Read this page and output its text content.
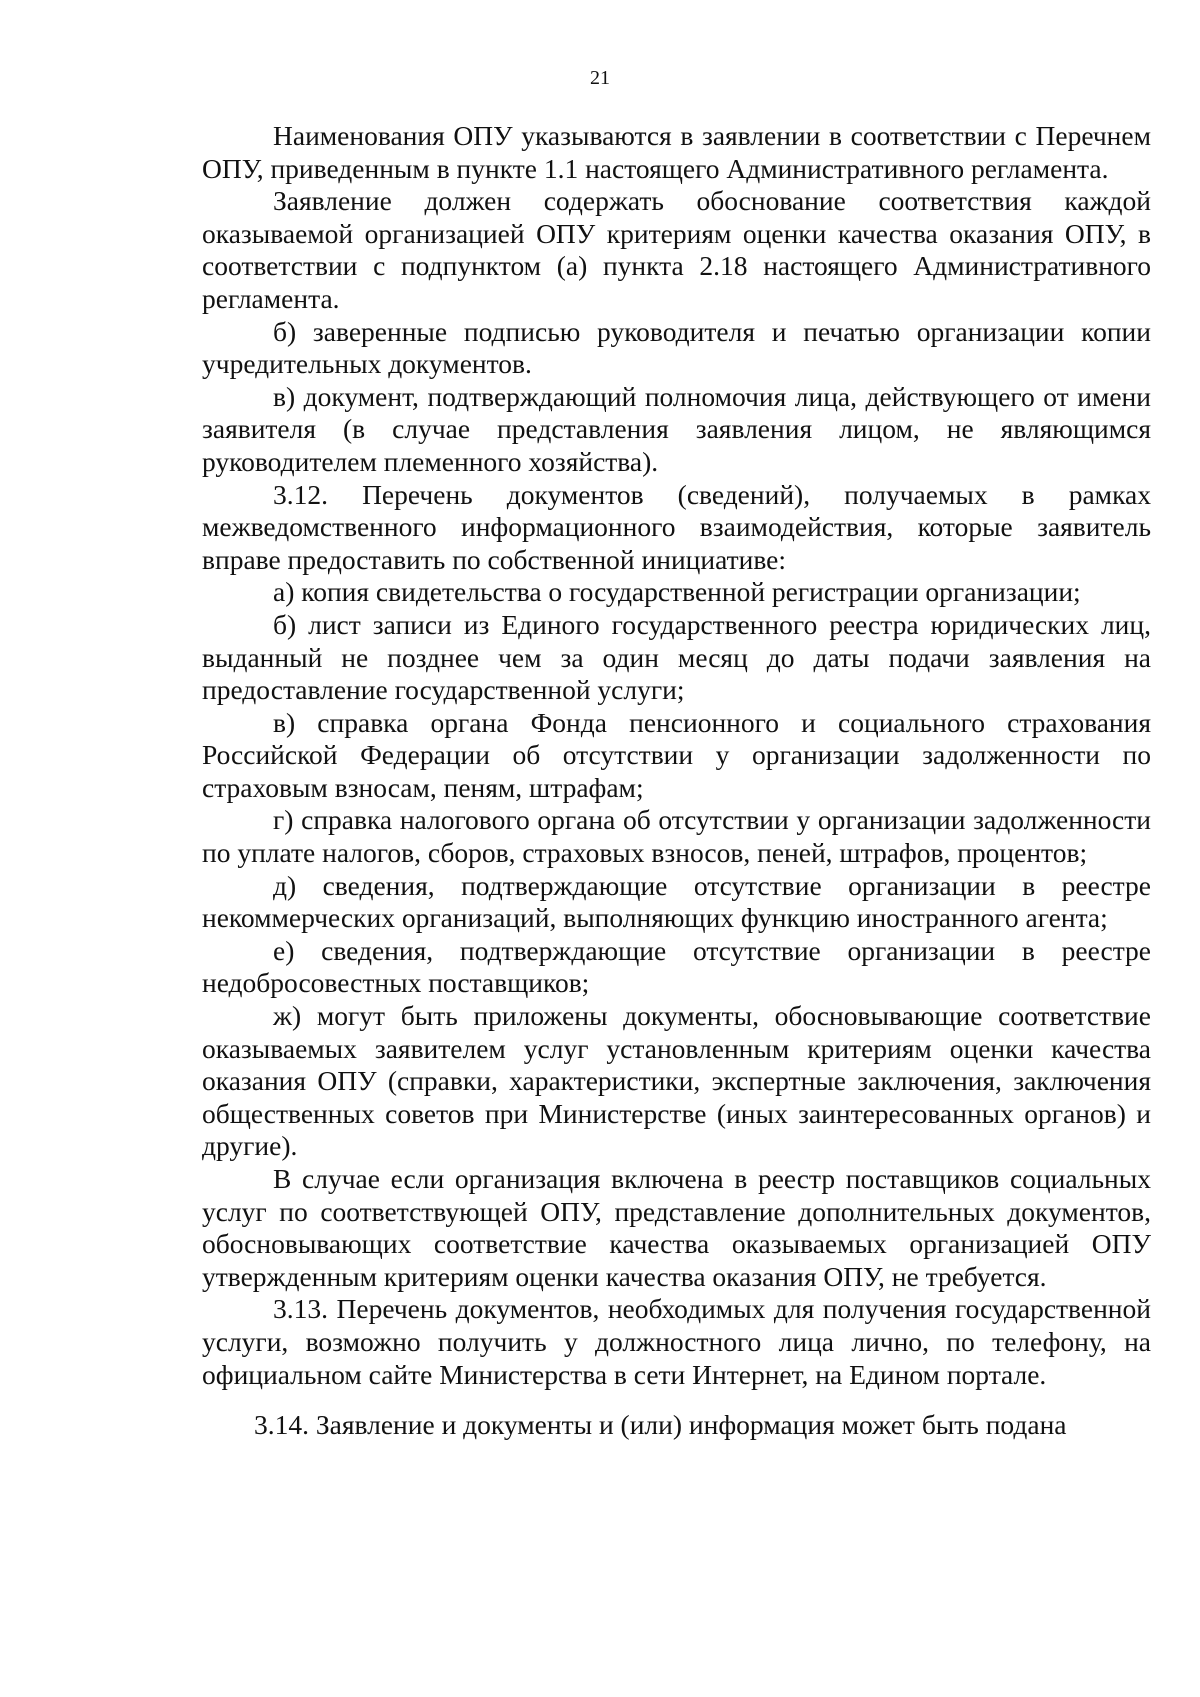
21

Наименования ОПУ указываются в заявлении в соответствии с Перечнем ОПУ, приведенным в пункте 1.1 настоящего Административного регламента.

Заявление должен содержать обоснование соответствия каждой оказываемой организацией ОПУ критериям оценки качества оказания ОПУ, в соответствии с подпунктом (а) пункта 2.18 настоящего Административного регламента.

б) заверенные подписью руководителя и печатью организации копии учредительных документов.

в) документ, подтверждающий полномочия лица, действующего от имени заявителя (в случае представления заявления лицом, не являющимся руководителем племенного хозяйства).

3.12. Перечень документов (сведений), получаемых в рамках межведомственного информационного взаимодействия, которые заявитель вправе предоставить по собственной инициативе:

а) копия свидетельства о государственной регистрации организации;

б) лист записи из Единого государственного реестра юридических лиц, выданный не позднее чем за один месяц до даты подачи заявления на предоставление государственной услуги;

в) справка органа Фонда пенсионного и социального страхования Российской Федерации об отсутствии у организации задолженности по страховым взносам, пеням, штрафам;

г) справка налогового органа об отсутствии у организации задолженности по уплате налогов, сборов, страховых взносов, пеней, штрафов, процентов;

д) сведения, подтверждающие отсутствие организации в реестре некоммерческих организаций, выполняющих функцию иностранного агента;

е) сведения, подтверждающие отсутствие организации в реестре недобросовестных поставщиков;

ж) могут быть приложены документы, обосновывающие соответствие оказываемых заявителем услуг установленным критериям оценки качества оказания ОПУ (справки, характеристики, экспертные заключения, заключения общественных советов при Министерстве (иных заинтересованных органов) и другие).

В случае если организация включена в реестр поставщиков социальных услуг по соответствующей ОПУ, представление дополнительных документов, обосновывающих соответствие качества оказываемых организацией ОПУ утвержденным критериям оценки качества оказания ОПУ, не требуется.

3.13. Перечень документов, необходимых для получения государственной услуги, возможно получить у должностного лица лично, по телефону, на официальном сайте Министерства в сети Интернет, на Едином портале.

3.14. Заявление и документы и (или) информация может быть подана
